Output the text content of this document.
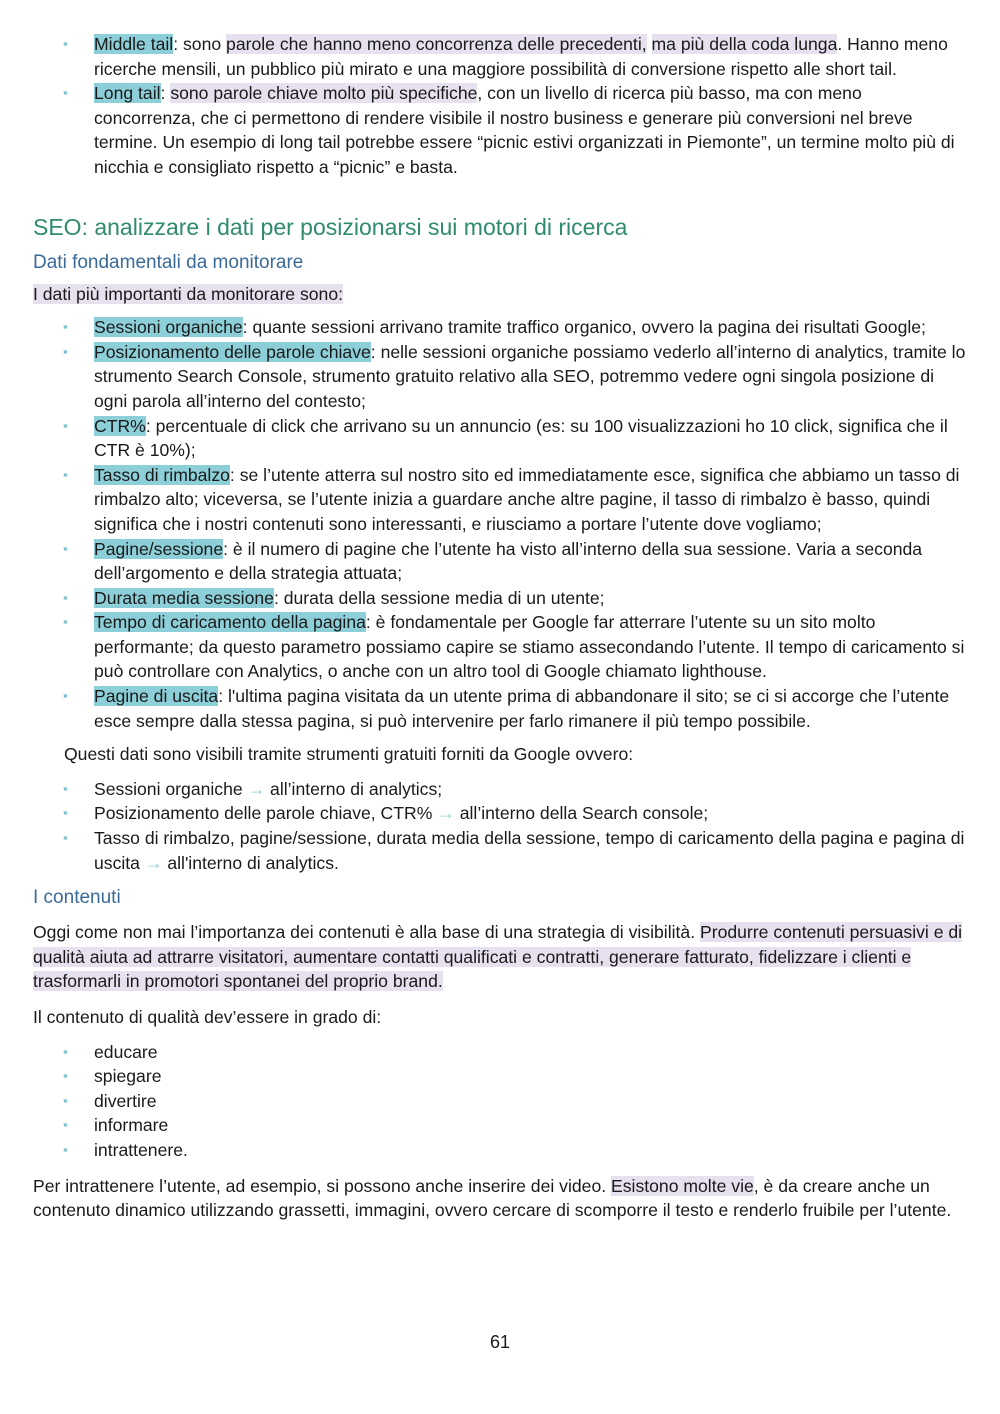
▪ Middle tail: sono parole che hanno meno concorrenza delle precedenti, ma più della coda lunga. Hanno meno ricerche mensili, un pubblico più mirato e una maggiore possibilità di conversione rispetto alle short tail.
▪ Long tail: sono parole chiave molto più specifiche, con un livello di ricerca più basso, ma con meno concorrenza, che ci permettono di rendere visibile il nostro business e generare più conversioni nel breve termine. Un esempio di long tail potrebbe essere “picnic estivi organizzati in Piemonte”, un termine molto più di nicchia e consigliato rispetto a “picnic” e basta.
SEO: analizzare i dati per posizionarsi sui motori di ricerca
Dati fondamentali da monitorare

I dati più importanti da monitorare sono:

▪ Sessioni organiche: quante sessioni arrivano tramite traffico organico, ovvero la pagina dei risultati Google;
▪ Posizionamento delle parole chiave: nelle sessioni organiche possiamo vederlo all’interno di analytics, tramite lo strumento Search Console, strumento gratuito relativo alla SEO, potremmo vedere ogni singola posizione di ogni parola all’interno del contesto;
▪ CTR%: percentuale di click che arrivano su un annuncio (es: su 100 visualizzazioni ho 10 click, significa che il CTR è 10%);
▪ Tasso di rimbalzo: se l’utente atterra sul nostro sito ed immediatamente esce, significa che abbiamo un tasso di rimbalzo alto; viceversa, se l’utente inizia a guardare anche altre pagine, il tasso di rimbalzo è basso, quindi significa che i nostri contenuti sono interessanti, e riusciamo a portare l’utente dove vogliamo;
▪ Pagine/sessione: è il numero di pagine che l’utente ha visto all’interno della sua sessione. Varia a seconda dell’argomento e della strategia attuata;
▪ Durata media sessione: durata della sessione media di un utente;
▪ Tempo di caricamento della pagina: è fondamentale per Google far atterrare l’utente su un sito molto performante; da questo parametro possiamo capire se stiamo assecondando l’utente. Il tempo di caricamento si può controllare con Analytics, o anche con un altro tool di Google chiamato lighthouse.
▪ Pagine di uscita: l'ultima pagina visitata da un utente prima di abbandonare il sito; se ci si accorge che l’utente esce sempre dalla stessa pagina, si può intervenire per farlo rimanere il più tempo possibile.

Questi dati sono visibili tramite strumenti gratuiti forniti da Google ovvero:

▪ Sessioni organiche → all’interno di analytics;
▪ Posizionamento delle parole chiave, CTR% → all’interno della Search console;
▪ Tasso di rimbalzo, pagine/sessione, durata media della sessione, tempo di caricamento della pagina e pagina di uscita → all'interno di analytics.
I contenuti

Oggi come non mai l’importanza dei contenuti è alla base di una strategia di visibilità. Produrre contenuti persuasivi e di qualità aiuta ad attrarre visitatori, aumentare contatti qualificati e contratti, generare fatturato, fidelizzare i clienti e trasformarli in promotori spontanei del proprio brand.

Il contenuto di qualità dev’essere in grado di:

▪ educare
▪ spiegare
▪ divertire
▪ informare
▪ intrattenere.

Per intrattenere l’utente, ad esempio, si possono anche inserire dei video. Esistono molte vie, è da creare anche un contenuto dinamico utilizzando grassetti, immagini, ovvero cercare di scomporre il testo e renderlo fruibile per l’utente.

61
